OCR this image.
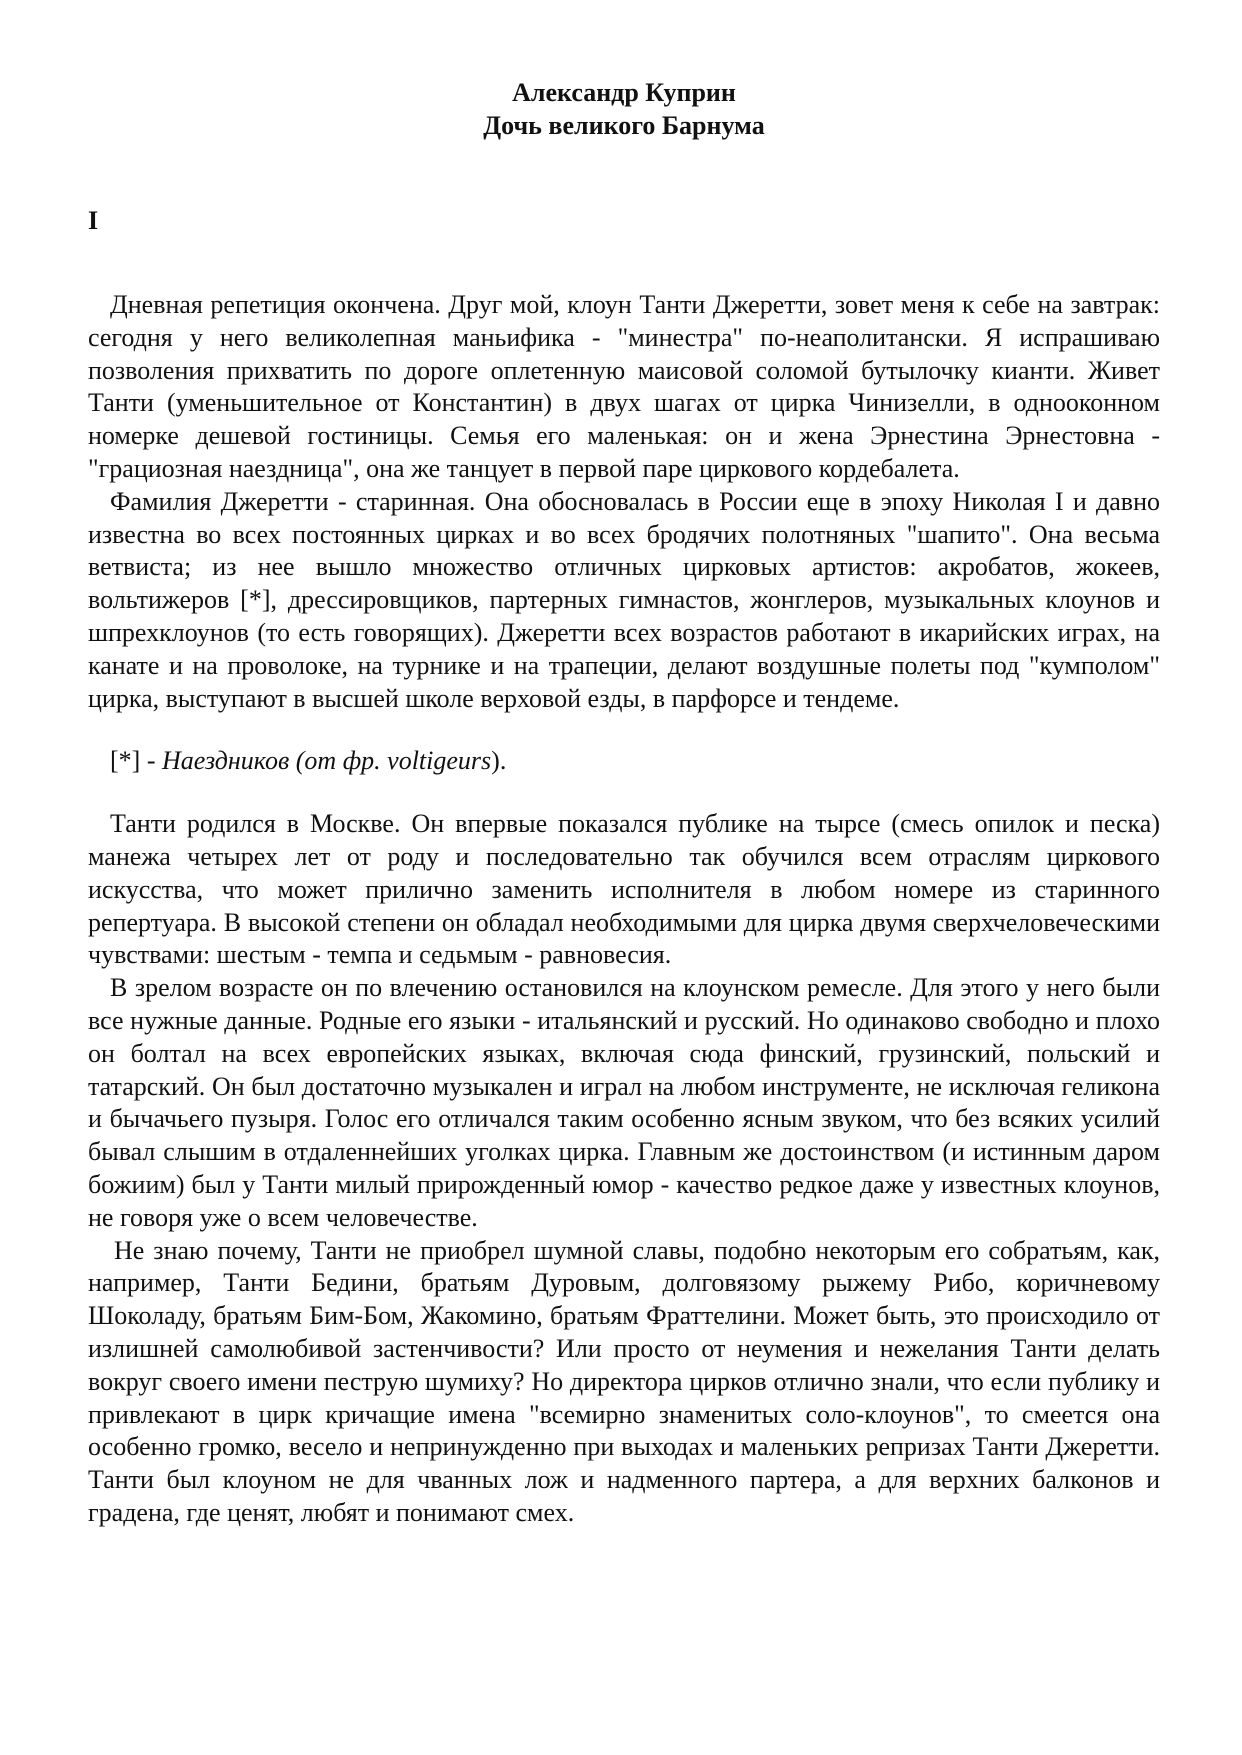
Александр Куприн
Дочь великого Барнума
I

Дневная репетиция окончена. Друг мой, клоун Танти Джеретти, зовет меня к себе на завтрак: сегодня у него великолепная маньифика - "минестра" по-неаполитански. Я испрашиваю позволения прихватить по дороге оплетенную маисовой соломой бутылочку кианти. Живет Танти (уменьшительное от Константин) в двух шагах от цирка Чинизелли, в однооконном номерке дешевой гостиницы. Семья его маленькая: он и жена Эрнестина Эрнестовна - "грациозная наездница", она же танцует в первой паре циркового кордебалета.

Фамилия Джеретти - старинная. Она обосновалась в России еще в эпоху Николая I и давно известна во всех постоянных цирках и во всех бродячих полотняных "шапито". Она весьма ветвиста; из нее вышло множество отличных цирковых артистов: акробатов, жокеев, вольтижеров [*], дрессировщиков, партерных гимнастов, жонглеров, музыкальных клоунов и шпрехклоунов (то есть говорящих). Джеретти всех возрастов работают в икарийских играх, на канате и на проволоке, на турнике и на трапеции, делают воздушные полеты под "кумполом" цирка, выступают в высшей школе верховой езды, в парфорсе и тендеме.

[*] - Наездников (от фр. voltigeurs).

Танти родился в Москве. Он впервые показался публике на тырсе (смесь опилок и песка) манежа четырех лет от роду и последовательно так обучился всем отраслям циркового искусства, что может прилично заменить исполнителя в любом номере из старинного репертуара. В высокой степени он обладал необходимыми для цирка двумя сверхчеловеческими чувствами: шестым - темпа и седьмым - равновесия.

В зрелом возрасте он по влечению остановился на клоунском ремесле. Для этого у него были все нужные данные. Родные его языки - итальянский и русский. Но одинаково свободно и плохо он болтал на всех европейских языках, включая сюда финский, грузинский, польский и татарский. Он был достаточно музыкален и играл на любом инструменте, не исключая геликона и бычачьего пузыря. Голос его отличался таким особенно ясным звуком, что без всяких усилий бывал слышим в отдаленнейших уголках цирка. Главным же достоинством (и истинным даром божиим) был у Танти милый прирожденный юмор - качество редкое даже у известных клоунов, не говоря уже о всем человечестве.

Не знаю почему, Танти не приобрел шумной славы, подобно некоторым его собратьям, как, например, Танти Бедини, братьям Дуровым, долговязому рыжему Рибо, коричневому Шоколаду, братьям Бим-Бом, Жакомино, братьям Фраттелини. Может быть, это происходило от излишней самолюбивой застенчивости? Или просто от неумения и нежелания Танти делать вокруг своего имени пеструю шумиху? Но директора цирков отлично знали, что если публику и привлекают в цирк кричащие имена "всемирно знаменитых соло-клоунов", то смеется она особенно громко, весело и непринужденно при выходах и маленьких репризах Танти Джеретти. Танти был клоуном не для чванных лож и надменного партера, а для верхних балконов и градена, где ценят, любят и понимают смех.
